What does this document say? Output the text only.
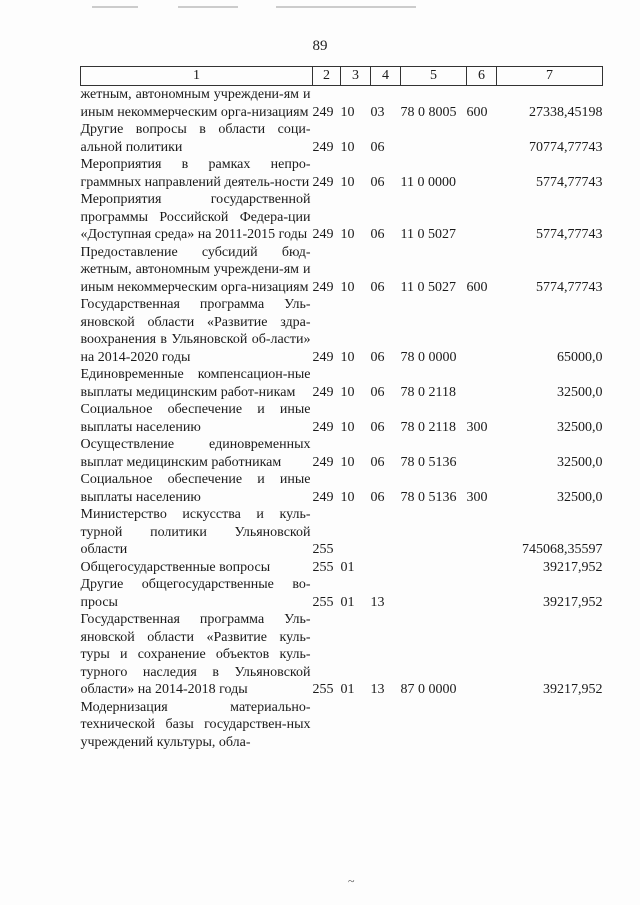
89
1	2	3	4	5	6	7
жетным, автономным учреждени-ям и иным некоммерческим орга-низациям	249	10	03	78 0 8005	600	27338,45198
Другие вопросы в области соци-альной политики	249	10	06			70774,77743
Мероприятия в рамках непро-граммных направлений деятель-ности	249	10	06	11 0 0000		5774,77743
Мероприятия государственной программы Российской Федера-ции «Доступная среда» на 2011-2015 годы	249	10	06	11 0 5027		5774,77743
Предоставление субсидий бюд-жетным, автономным учреждени-ям и иным некоммерческим орга-низациям	249	10	06	11 0 5027	600	5774,77743
Государственная программа Уль-яновской области «Развитие здра-воохранения в Ульяновской об-ласти» на 2014-2020 годы	249	10	06	78 0 0000		65000,0
Единовременные компенсацион-ные выплаты медицинским работ-никам	249	10	06	78 0 2118		32500,0
Социальное обеспечение и иные выплаты населению	249	10	06	78 0 2118	300	32500,0
Осуществление единовременных выплат медицинским работникам	249	10	06	78 0 5136		32500,0
Социальное обеспечение и иные выплаты населению	249	10	06	78 0 5136	300	32500,0
Министерство искусства и куль-турной политики Ульяновской области	255					745068,35597
Общегосударственные вопросы	255	01				39217,952
Другие общегосударственные во-просы	255	01	13			39217,952
Государственная программа Уль-яновской области «Развитие куль-туры и сохранение объектов куль-турного наследия в Ульяновской области» на 2014-2018 годы	255	01	13	87 0 0000		39217,952
Модернизация материально-технической базы государствен-ных учреждений культуры, обла-						
~
